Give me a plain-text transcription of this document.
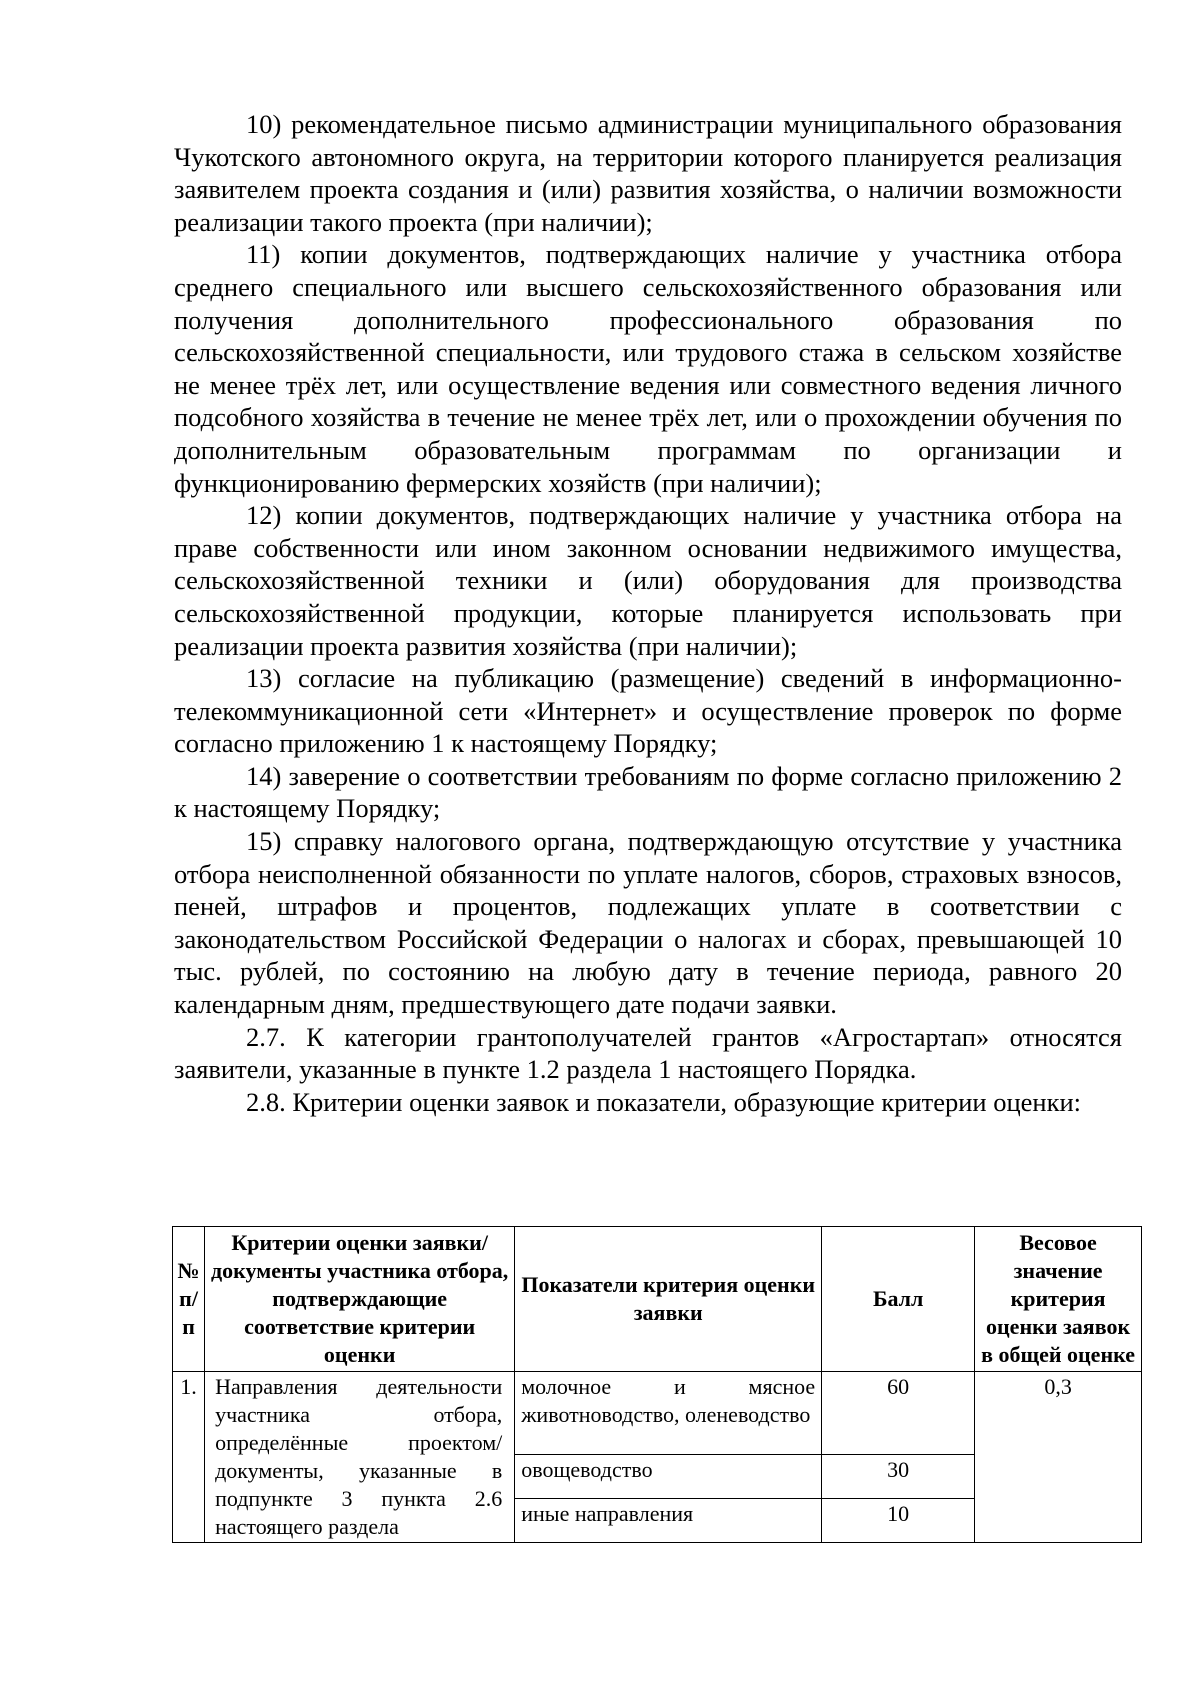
10) рекомендательное письмо администрации муниципального образования Чукотского автономного округа, на территории которого планируется реализация заявителем проекта создания и (или) развития хозяйства, о наличии возможности реализации такого проекта (при наличии);

11) копии документов, подтверждающих наличие у участника отбора среднего специального или высшего сельскохозяйственного образования или получения дополнительного профессионального образования по сельскохозяйственной специальности, или трудового стажа в сельском хозяйстве не менее трёх лет, или осуществление ведения или совместного ведения личного подсобного хозяйства в течение не менее трёх лет, или о прохождении обучения по дополнительным образовательным программам по организации и функционированию фермерских хозяйств (при наличии);

12) копии документов, подтверждающих наличие у участника отбора на праве собственности или ином законном основании недвижимого имущества, сельскохозяйственной техники и (или) оборудования для производства сельскохозяйственной продукции, которые планируется использовать при реализации проекта развития хозяйства (при наличии);

13) согласие на публикацию (размещение) сведений в информационно-телекоммуникационной сети «Интернет» и осуществление проверок по форме согласно приложению 1 к настоящему Порядку;

14) заверение о соответствии требованиям по форме согласно приложению 2 к настоящему Порядку;

15) справку налогового органа, подтверждающую отсутствие у участника отбора неисполненной обязанности по уплате налогов, сборов, страховых взносов, пеней, штрафов и процентов, подлежащих уплате в соответствии с законодательством Российской Федерации о налогах и сборах, превышающей 10 тыс. рублей, по состоянию на любую дату в течение периода, равного 20 календарным дням, предшествующего дате подачи заявки.

2.7. К категории грантополучателей грантов «Агростартап» относятся заявители, указанные в пункте 1.2 раздела 1 настоящего Порядка.

2.8. Критерии оценки заявок и показатели, образующие критерии оценки:

№ п/п	Критерии оценки заявки/документы участника отбора, подтверждающие соответствие критерии оценки	Показатели критерия оценки заявки	Балл	Весовое значение критерия оценки заявок в общей оценке
1.	Направления деятельности участника отбора, определённые проектом/ документы, указанные в подпункте 3 пункта 2.6 настоящего раздела	молочное и мясное животноводство, оленеводство	60	0,3
		овощеводство	30	
		иные направления	10	
